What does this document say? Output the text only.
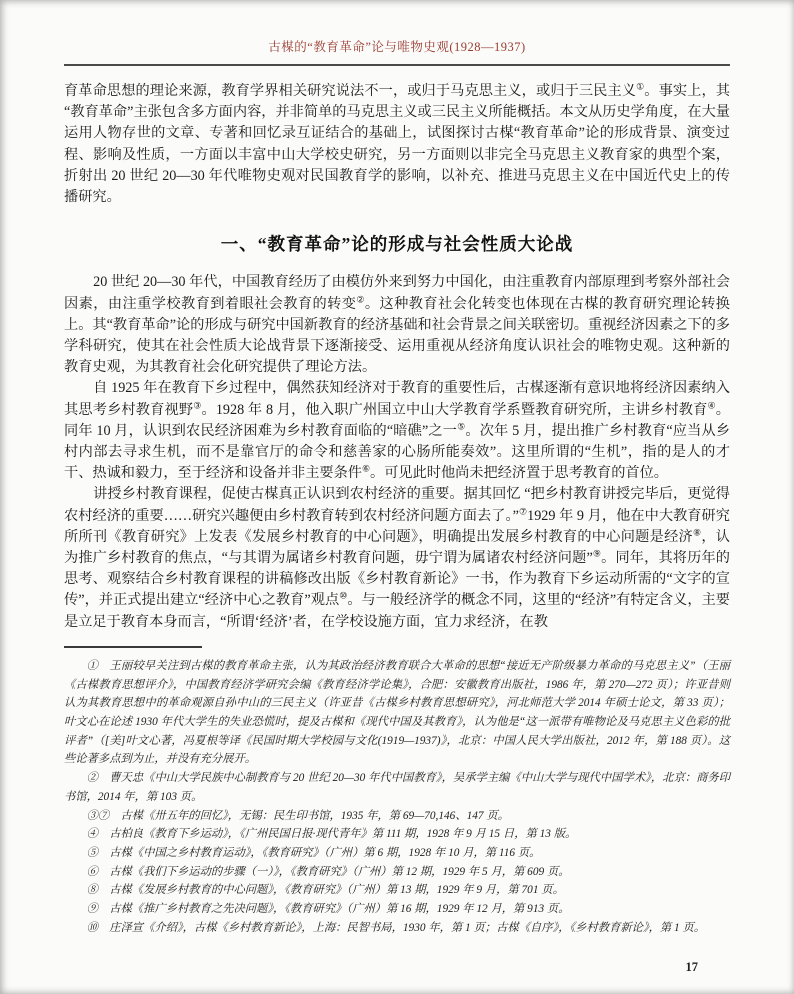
古楳的“教育革命”论与唯物史观(1928—1937)

育革命思想的理论来源，教育学界相关研究说法不一，或归于马克思主义，或归于三民主义①。事实上，其“教育革命”主张包含多方面内容，并非简单的马克思主义或三民主义所能概括。本文从历史学角度，在大量运用人物存世的文章、专著和回忆录互证结合的基础上，试图探讨古楳“教育革命”论的形成背景、演变过程、影响及性质，一方面以丰富中山大学校史研究，另一方面则以非完全马克思主义教育家的典型个案，折射出 20 世纪 20—30 年代唯物史观对民国教育学的影响，以补充、推进马克思主义在中国近代史上的传播研究。

一、“教育革命”论的形成与社会性质大论战

20 世纪 20—30 年代，中国教育经历了由模仿外来到努力中国化，由注重教育内部原理到考察外部社会因素，由注重学校教育到着眼社会教育的转变②。这种教育社会化转变也体现在古楳的教育研究理论转换上。其“教育革命”论的形成与研究中国新教育的经济基础和社会背景之间关联密切。重视经济因素之下的多学科研究，使其在社会性质大论战背景下逐渐接受、运用重视从经济角度认识社会的唯物史观。这种新的教育史观，为其教育社会化研究提供了理论方法。

自 1925 年在教育下乡过程中，偶然获知经济对于教育的重要性后，古楳逐渐有意识地将经济因素纳入其思考乡村教育视野③。1928 年 8 月，他入职广州国立中山大学教育学系暨教育研究所，主讲乡村教育④。同年 10 月，认识到农民经济困难为乡村教育面临的“暗礁”之一⑤。次年 5 月，提出推广乡村教育“应当从乡村内部去寻求生机，而不是靠官厅的命令和慈善家的心肠所能奏效”。这里所谓的“生机”，指的是人的才干、热诚和毅力，至于经济和设备并非主要条件⑥。可见此时他尚未把经济置于思考教育的首位。

讲授乡村教育课程，促使古楳真正认识到农村经济的重要。据其回忆 “把乡村教育讲授完毕后，更觉得农村经济的重要……研究兴趣便由乡村教育转到农村经济问题方面去了。”⑦1929 年 9 月，他在中大教育研究所所刊《教育研究》上发表《发展乡村教育的中心问题》，明确提出发展乡村教育的中心问题是经济⑧，认为推广乡村教育的焦点，“与其谓为属诸乡村教育问题，毋宁谓为属诸农村经济问题”⑨。同年，其将历年的思考、观察结合乡村教育课程的讲稿修改出版《乡村教育新论》一书，作为教育下乡运动所需的“文字的宣传”，并正式提出建立“经济中心之教育”观点⑩。与一般经济学的概念不同，这里的“经济”有特定含义，主要是立足于教育本身而言，“所谓‘经济’者，在学校设施方面，宜力求经济，在教

①　王丽较早关注到古楳的教育革命主张，认为其政治经济教育联合大革命的思想“接近无产阶级暴力革命的马克思主义”（王丽《古楳教育思想评介》，中国教育经济学研究会编《教育经济学论集》，合肥：安徽教育出版社，1986 年，第 270—272 页）；许亚昔则认为其教育思想中的革命观源自孙中山的三民主义（许亚昔《古楳乡村教育思想研究》，河北师范大学 2014 年硕士论文，第 33 页）；叶文心在论述 1930 年代大学生的失业恐慌时，提及古楳和《现代中国及其教育》，认为他是“这一派带有唯物论及马克思主义色彩的批评者”（[美]叶文心著，冯夏根等译《民国时期大学校园与文化(1919—1937)》，北京：中国人民大学出版社，2012 年，第 188 页）。这些论著多点到为止，并没有充分展开。

②　曹天忠《中山大学民族中心制教育与 20 世纪 20—30 年代中国教育》，吴承学主编《中山大学与现代中国学术》，北京：商务印书馆，2014 年，第 103 页。

③⑦　古楳《卅五年的回忆》，无锡：民生印书馆，1935 年，第 69—70,146、147 页。

④　古柏良《教育下乡运动》，《广州民国日报·现代青年》第 111 期，1928 年 9 月 15 日，第 13 版。

⑤　古楳《中国之乡村教育运动》，《教育研究》（广州）第 6 期，1928 年 10 月，第 116 页。

⑥　古楳《我们下乡运动的步骤（一）》，《教育研究》（广州）第 12 期，1929 年 5 月，第 609 页。

⑧　古楳《发展乡村教育的中心问题》，《教育研究》（广州）第 13 期，1929 年 9 月，第 701 页。

⑨　古楳《推广乡村教育之先决问题》，《教育研究》（广州）第 16 期，1929 年 12 月，第 913 页。

⑩　庄泽宣《介绍》，古楳《乡村教育新论》，上海：民智书局，1930 年，第 1 页；古楳《自序》，《乡村教育新论》，第 1 页。

17
